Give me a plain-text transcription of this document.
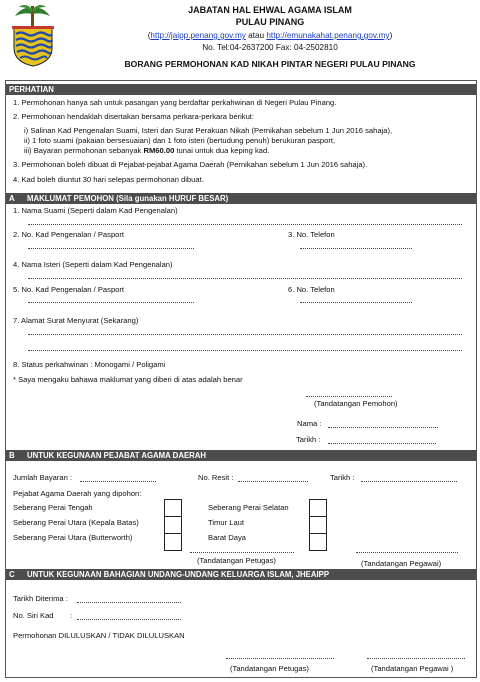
JABATAN HAL EHWAL AGAMA ISLAM
PULAU PINANG
(http://jaipp.penang.gov.my atau http://emunakahat.penang.gov.my)
No. Tel:04-2637200 Fax: 04-2502810
BORANG PERMOHONAN KAD NIKAH PINTAR NEGERI PULAU PINANG
PERHATIAN
1. Permohonan hanya sah untuk pasangan yang berdaftar perkahwinan di Negeri Pulau Pinang.
2. Permohonan hendaklah disertakan bersama perkara-perkara berikut:
i) Salinan Kad Pengenalan Suami, Isteri dan Surat Perakuan Nikah (Pernikahan sebelum 1 Jun 2016 sahaja),
ii) 1 foto suami (pakaian bersesuaian) dan 1 foto isteri (bertudung penuh) berukuran pasport,
iii) Bayaran permohonan sebanyak RM60.00 tunai untuk dua keping kad.
3. Permohonan boleh dibuat di Pejabat-pejabat Agama Daerah (Pernikahan sebelum 1 Jun 2016 sahaja).
4. Kad boleh diuntut 30 hari selepas permohonan dibuat.
A MAKLUMAT PEMOHON (Sila gunakan HURUF BESAR)
1. Nama Suami (Seperti dalam Kad Pengenalan)
2. No. Kad Pengenalan / Pasport	3. No. Telefon
4. Nama Isteri (Seperti dalam Kad Pengenalan)
5. No. Kad Pengenalan / Pasport	6. No. Telefon
7. Alamat Surat Menyurat (Sekarang)
8. Status perkahwinan : Monogami / Poligami
* Saya mengaku bahawa maklumat yang diberi di atas adalah benar
(Tandatangan Pemohon)
Nama :
Tarikh :
B UNTUK KEGUNAAN PEJABAT AGAMA DAERAH
Jumlah Bayaran :	No. Resit :	Tarikh :
Pejabat Agama Daerah yang dipohon:
Seberang Perai Tengah
Seberang Perai Utara (Kepala Batas)
Seberang Perai Utara (Butterworth)
Seberang Perai Selatan
Timur Laut
Barat Daya
(Tandatangan Petugas)	(Tandatangan Pegawai)
C UNTUK KEGUNAAN BAHAGIAN UNDANG-UNDANG KELUARGA ISLAM, JHEAIPP
Tarikh Diterima :
No. Siri Kad :
Permohonan DILULUSKAN / TIDAK DILULUSKAN
(Tandatangan Petugas)	(Tandatangan Pegawai )
